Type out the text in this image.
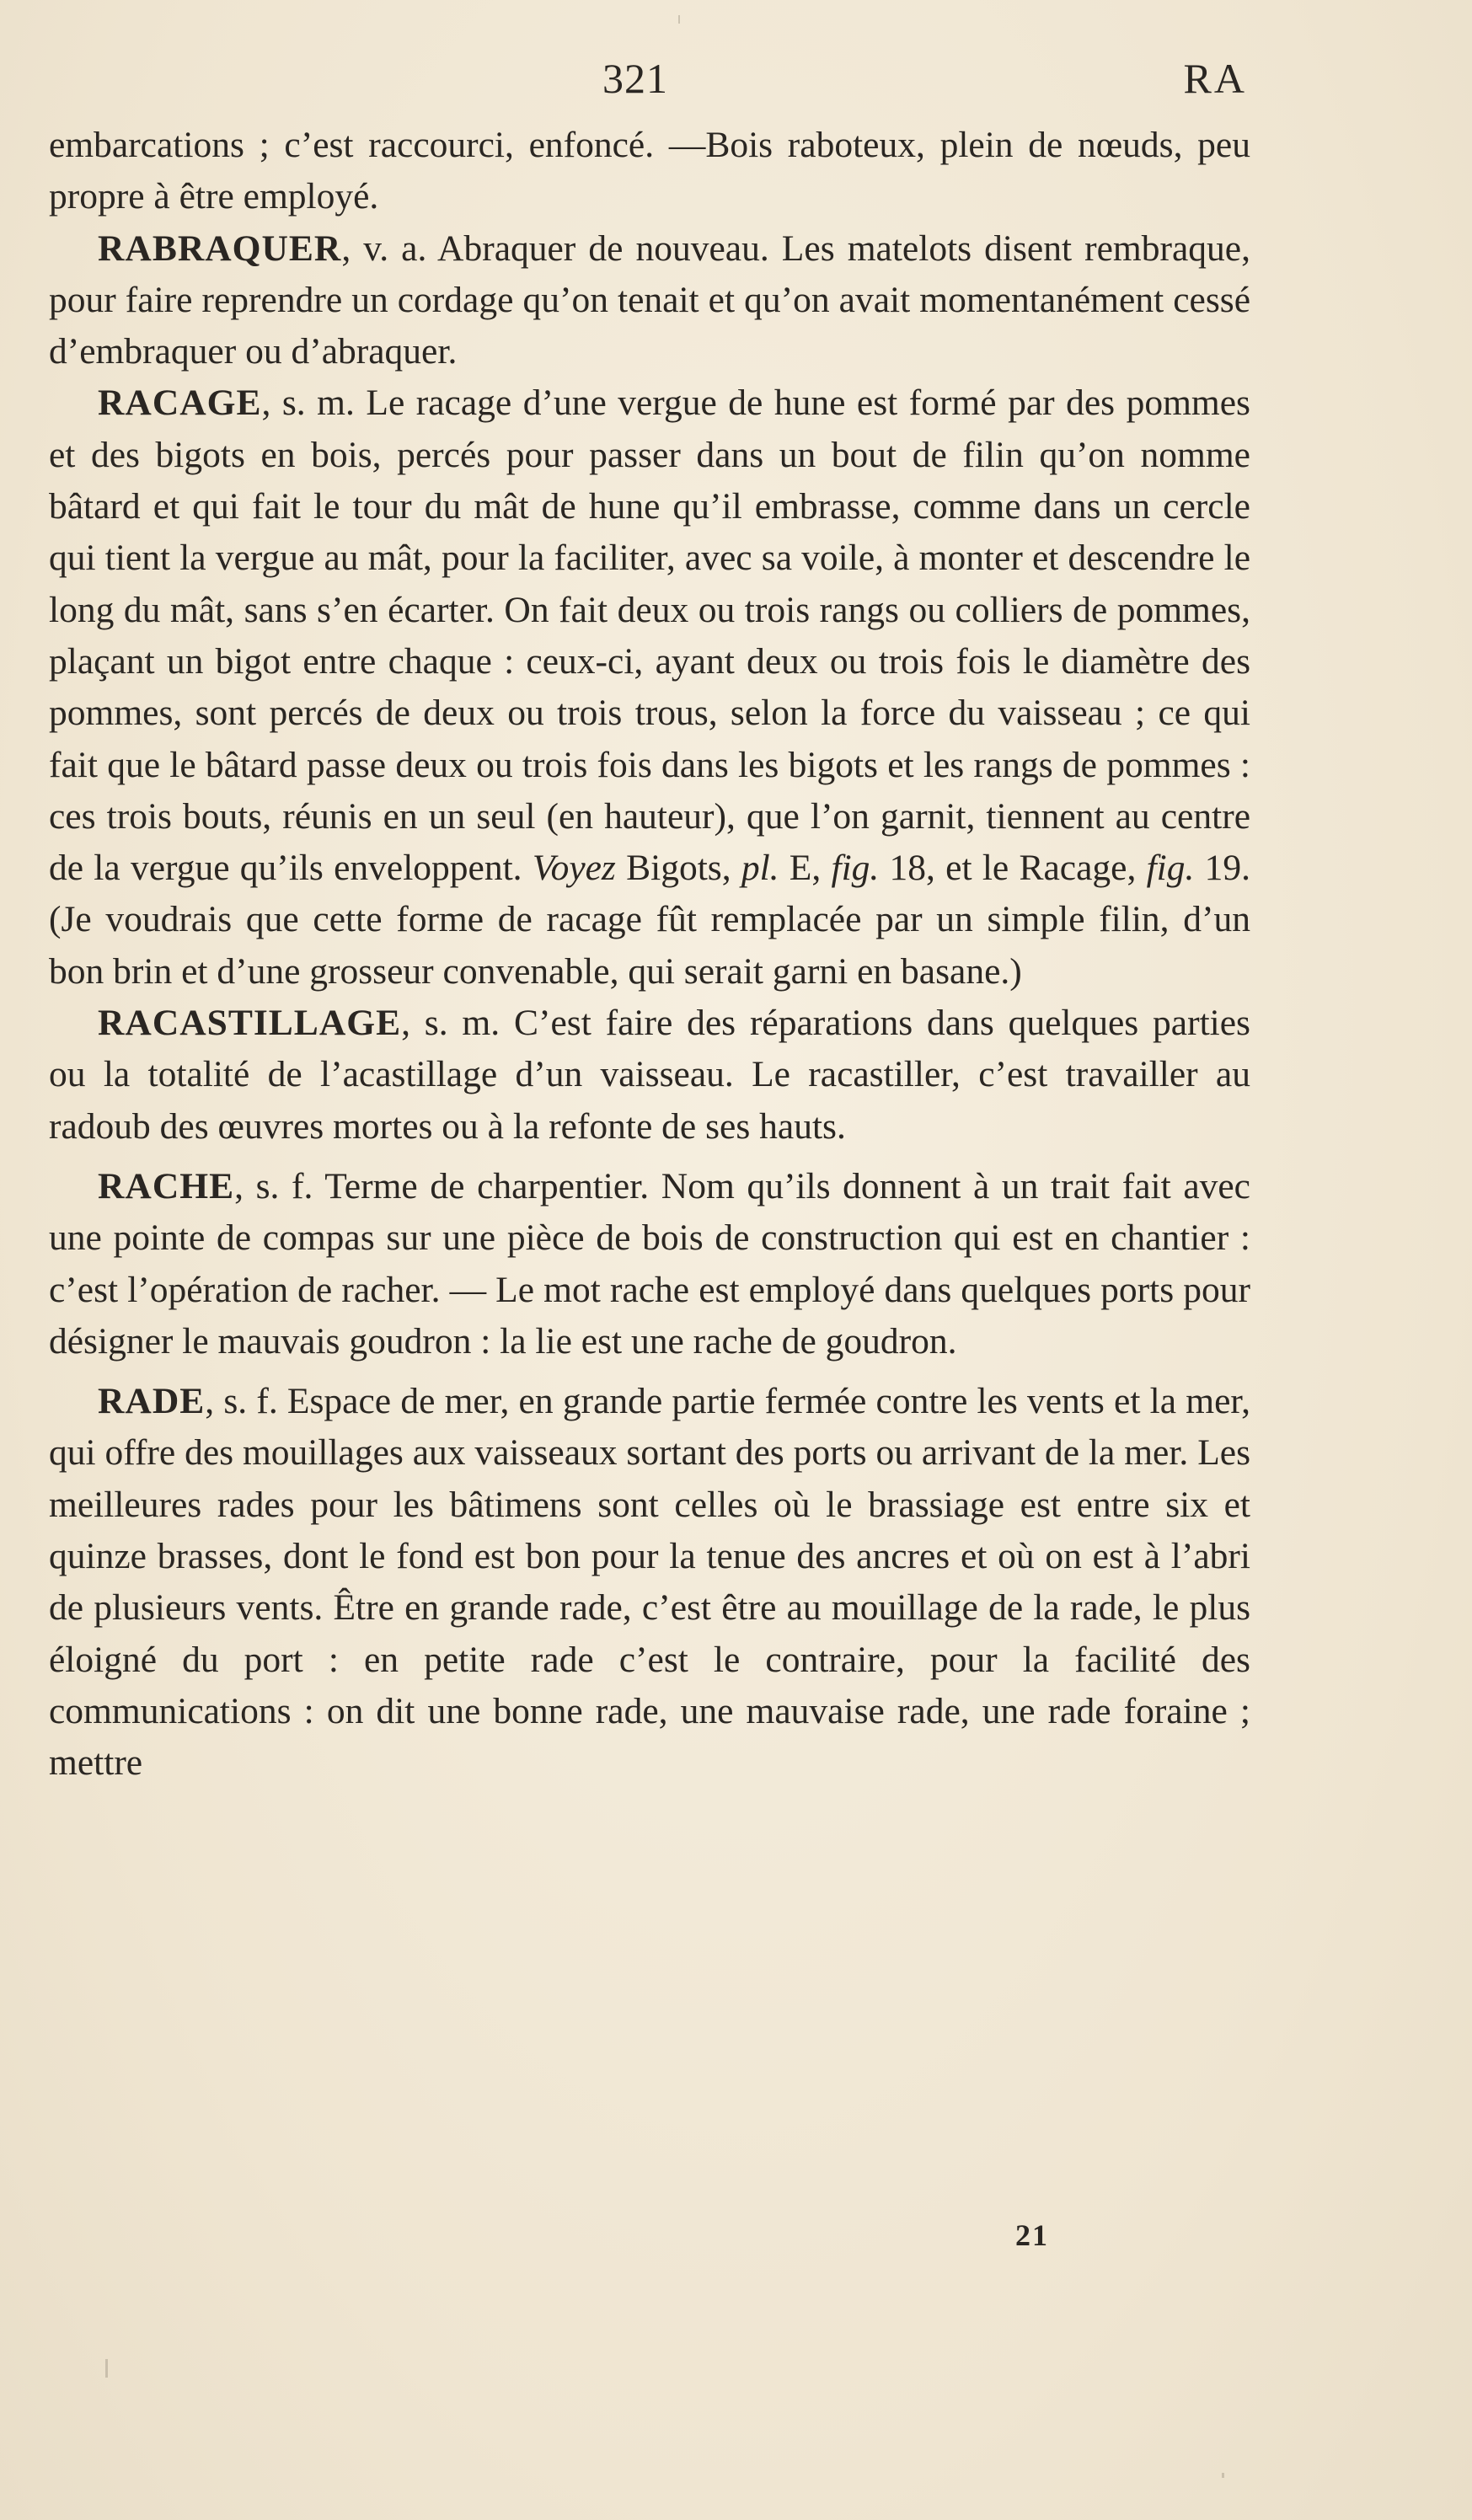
321	RA

embarcations ; c’est raccourci, enfoncé. —Bois raboteux, plein de nœuds, peu propre à être employé.

RABRAQUER, v. a. Abraquer de nouveau. Les matelots disent rembraque, pour faire reprendre un cordage qu’on tenait et qu’on avait momentanément cessé d’embraquer ou d’abraquer.

RACAGE, s. m. Le racage d’une vergue de hune est formé par des pommes et des bigots en bois, percés pour passer dans un bout de filin qu’on nomme bâtard et qui fait le tour du mât de hune qu’il embrasse, comme dans un cercle qui tient la vergue au mât, pour la faciliter, avec sa voile, à monter et descendre le long du mât, sans s’en écarter. On fait deux ou trois rangs ou colliers de pommes, plaçant un bigot entre chaque : ceux-ci, ayant deux ou trois fois le diamètre des pommes, sont percés de deux ou trois trous, selon la force du vaisseau ; ce qui fait que le bâtard passe deux ou trois fois dans les bigots et les rangs de pommes : ces trois bouts, réunis en un seul (en hauteur), que l’on garnit, tiennent au centre de la vergue qu’ils enveloppent. Voyez Bigots, pl. E, fig. 18, et le Racage, fig. 19. (Je voudrais que cette forme de racage fût remplacée par un simple filin, d’un bon brin et d’une grosseur convenable, qui serait garni en basane.)

RACASTILLAGE, s. m. C’est faire des réparations dans quelques parties ou la totalité de l’acastillage d’un vaisseau. Le racastiller, c’est travailler au radoub des œuvres mortes ou à la refonte de ses hauts.

RACHE, s. f. Terme de charpentier. Nom qu’ils donnent à un trait fait avec une pointe de compas sur une pièce de bois de construction qui est en chantier : c’est l’opération de racher. — Le mot rache est employé dans quelques ports pour désigner le mauvais goudron : la lie est une rache de goudron.

RADE, s. f. Espace de mer, en grande partie fermée contre les vents et la mer, qui offre des mouillages aux vaisseaux sortant des ports ou arrivant de la mer. Les meilleures rades pour les bâtimens sont celles où le brassiage est entre six et quinze brasses, dont le fond est bon pour la tenue des ancres et où on est à l’abri de plusieurs vents. Être en grande rade, c’est être au mouillage de la rade, le plus éloigné du port : en petite rade c’est le contraire, pour la facilité des communications : on dit une bonne rade, une mauvaise rade, une rade foraine ; mettre

21
